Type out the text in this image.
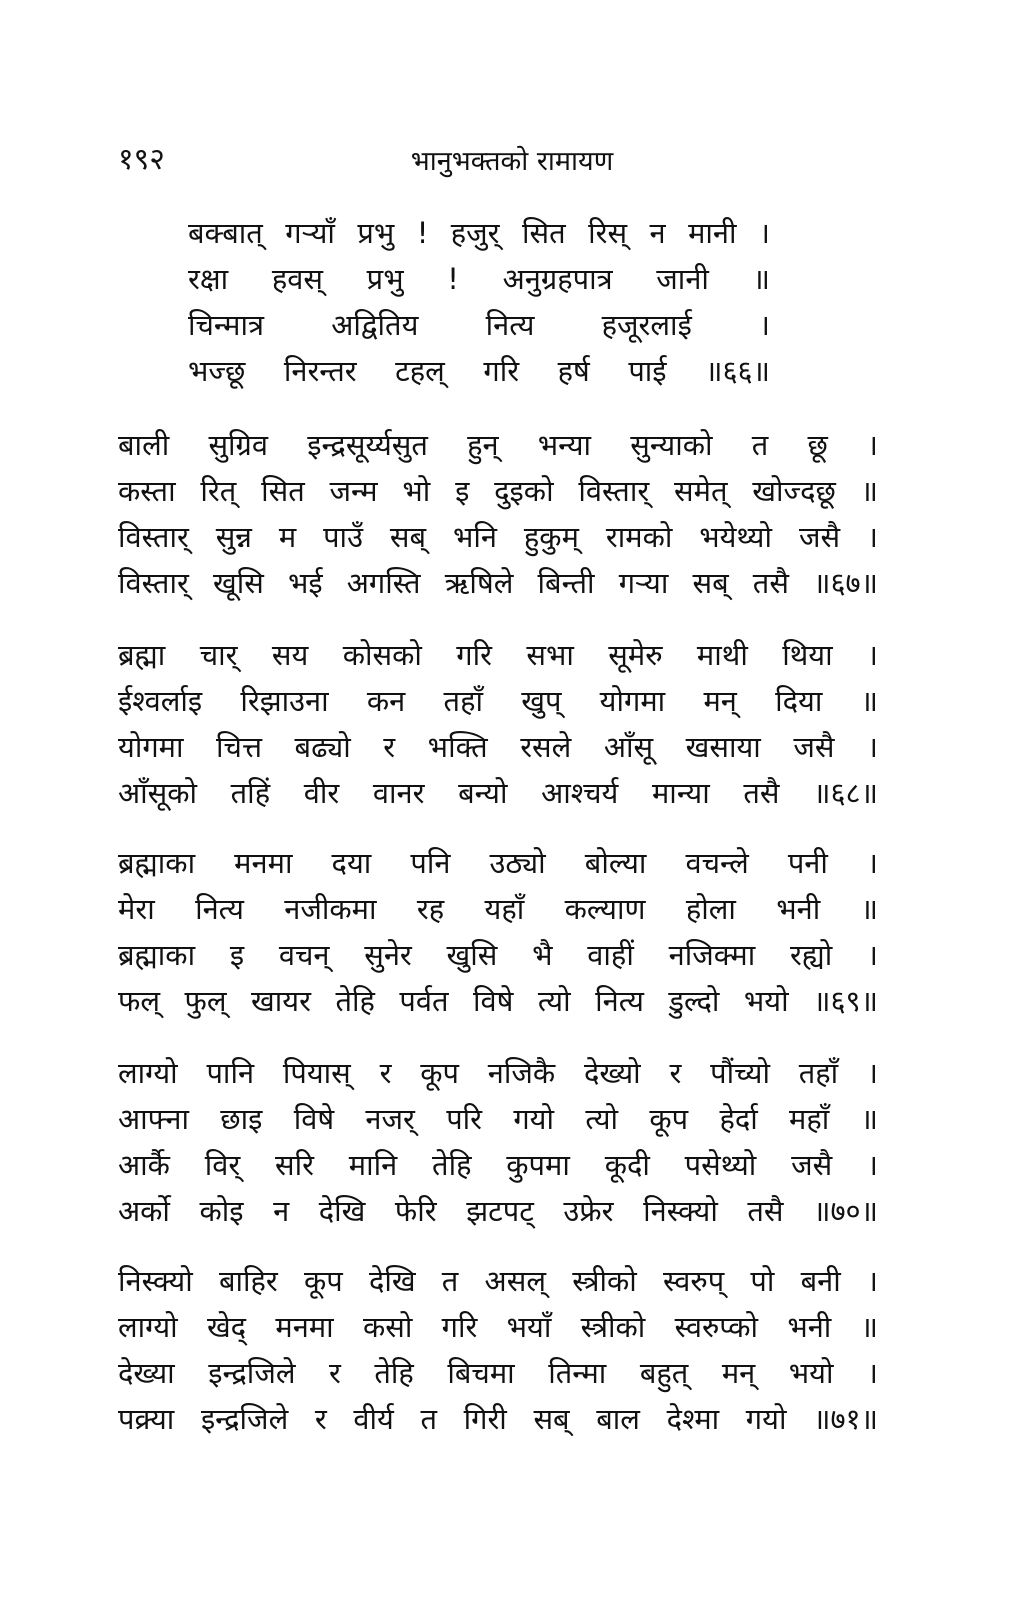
१९२	भानुभक्तको रामायण
बक्बात् गर्‍याँ प्रभु ! हजुर् सित रिस् न मानी ।
रक्षा हवस् प्रभु ! अनुग्रहपात्र जानी ॥
चिन्मात्र अद्वितिय नित्य हजूरलाई ।
भज्छू निरन्तर टहल् गरि हर्ष पाई ॥६६॥
बाली सुग्रिव इन्द्रसूर्य्यसुत हुन् भन्या सुन्याको त छू ।
कस्ता रित् सित जन्म भो इ दुइको विस्तार् समेत् खोज्दछू ॥
विस्तार् सुन्न म पाउँ सब् भनि हुकुम् रामको भयेथ्यो जसै ।
विस्तार् खूसि भई अगस्ति ऋषिले बिन्ती गर्‍या सब् तसै ॥६७॥
ब्रह्मा चार् सय कोसको गरि सभा सूमेरु माथी थिया ।
ईश्वर्लाइ रिझाउना कन तहाँ खुप् योगमा मन् दिया ॥
योगमा चित्त बढ्यो र भक्ति रसले आँसू खसाया जसै ।
आँसूको तहिं वीर वानर बन्यो आश्चर्य मान्या तसै ॥६८॥
ब्रह्माका मनमा दया पनि उठ्यो बोल्या वचन्ले पनी ।
मेरा नित्य नजीकमा रह यहाँ कल्याण होला भनी ॥
ब्रह्माका इ वचन् सुनेर खुसि भै वाहीं नजिक्मा रह्यो ।
फल् फुल् खायर तेहि पर्वत विषे त्यो नित्य डुल्दो भयो ॥६९॥
लाग्यो पानि पियास् र कूप नजिकै देख्यो र पौंच्यो तहाँ ।
आफ्ना छाइ विषे नजर् परि गयो त्यो कूप हेर्दा महाँ ॥
आर्कै विर् सरि मानि तेहि कुपमा कूदी पसेथ्यो जसै ।
अर्को कोइ न देखि फेरि झटपट् उफ्रेर निस्क्यो तसै ॥७०॥
निस्क्यो बाहिर कूप देखि त असल् स्त्रीको स्वरुप् पो बनी ।
लाग्यो खेद् मनमा कसो गरि भयाँ स्त्रीको स्वरुप्को भनी ॥
देख्या इन्द्रजिले र तेहि बिचमा तिन्मा बहुत् मन् भयो ।
पक्र्‍या इन्द्रजिले र वीर्य त गिरी सब् बाल देश्मा गयो ॥७१॥
